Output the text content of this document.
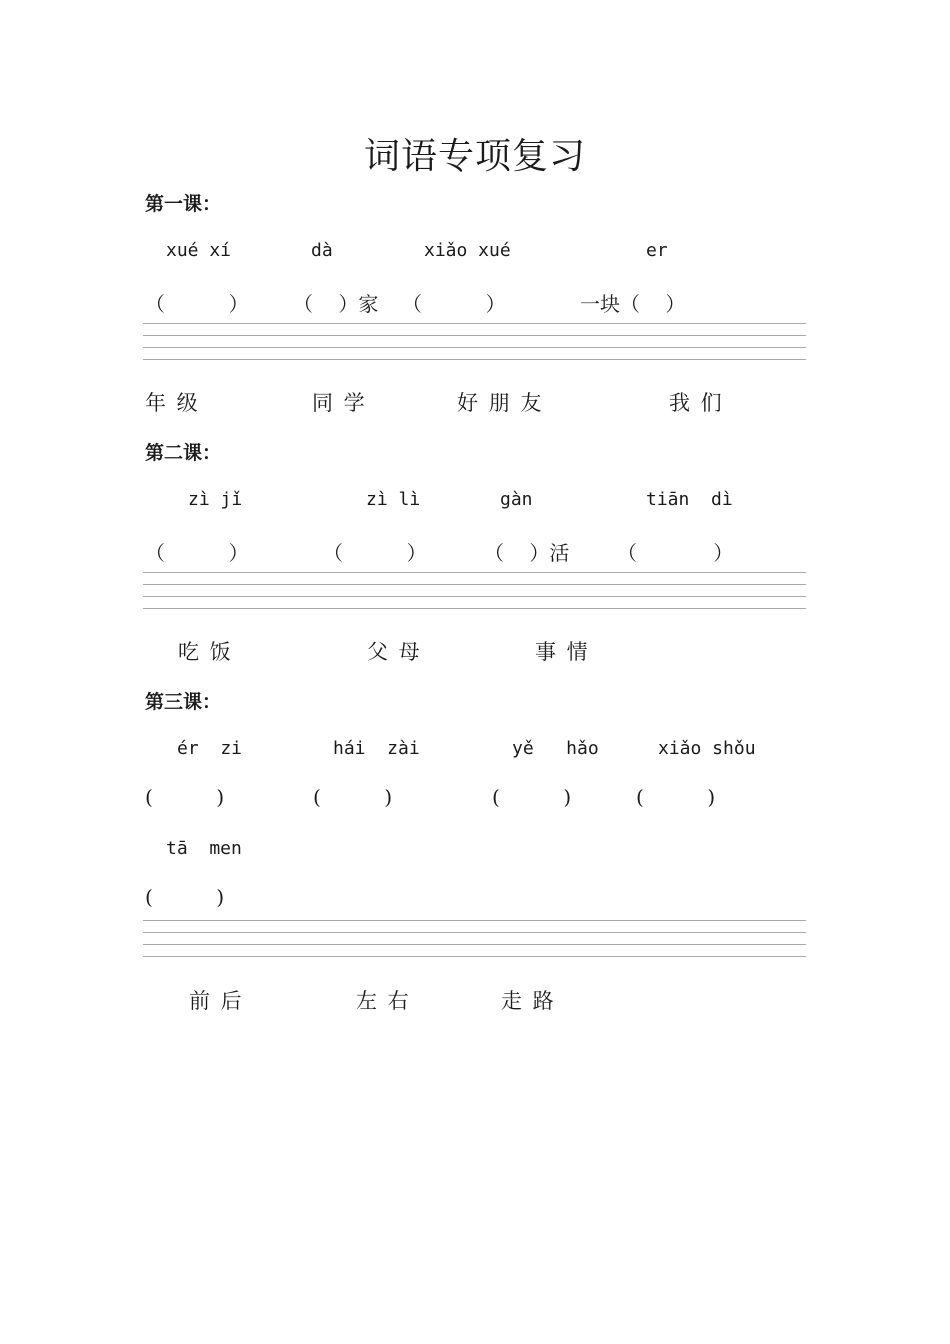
词语专项复习
第一课：
xué xí	dà	xiǎo xué	er
（          ） （    ）家 （          ）	一块（    ）
年 级	同 学	好 朋 友	我 们
第二课：
zì jǐ	zì lì	gàn	tiān  dì
（          ）	（          ）	（    ）活 （            ）
吃 饭	父 母	事 情
第三课：
ér  zi	hái  zài	yě   hǎo	xiǎo shǒu
(          )	(          )	(          )	(          )
tā  men
(          )
前 后	左 右	走 路
